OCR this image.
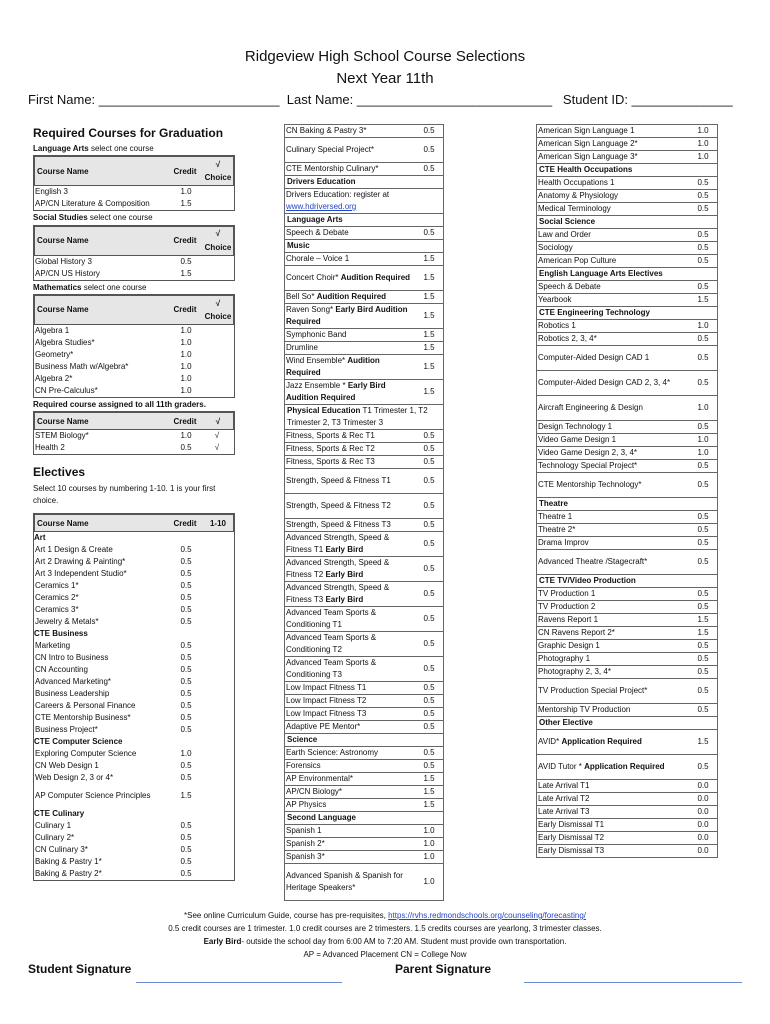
Ridgeview High School Course Selections
Next Year 11th
First Name: _________________________ Last Name: ___________________________ Student ID: ______________
Required Courses for Graduation
Language Arts select one course
Course Name	Credit
√ Choice
English 3	1.0
AP/CN Literature & Composition	1.5
Social Studies select one course
Course Name	Credit
√ Choice
Global History 3	0.5
AP/CN US History	1.5
Mathematics select one course
Course Name	Credit
√ Choice
Algebra 1	1.0
Algebra Studies*	1.0
Geometry*	1.0
Business Math w/Algebra*	1.0
Algebra 2*	1.0
CN Pre-Calculus*	1.0
Required course assigned to all 11th graders.
Course Name	Credit	√
STEM Biology*	1.0	√
Health 2	0.5	√
Electives
Select 10 courses by numbering 1-10. 1 is your first choice.
Course Name	Credit	1-10
Art
Art 1 Design & Create	0.5
Art 2 Drawing & Painting*	0.5
Art 3 Independent Studio*	0.5
Ceramics 1*	0.5
Ceramics 2*	0.5
Ceramics 3*	0.5
Jewelry & Metals*	0.5
CTE Business
Marketing	0.5
CN Intro to Business	0.5
CN Accounting	0.5
Advanced Marketing*	0.5
Business Leadership	0.5
Careers & Personal Finance	0.5
CTE Mentorship Business*	0.5
Business Project*	0.5
CTE Computer Science
Exploring Computer Science	1.0
CN Web Design 1	0.5
Web Design 2, 3 or 4*	0.5
AP Computer Science Principles	1.5
CTE Culinary
Culinary 1	0.5
Culinary 2*	0.5
CN Culinary 3*	0.5
Baking & Pastry 1*	0.5
Baking & Pastry 2*	0.5
CN Baking & Pastry 3*	0.5
Culinary Special Project*	0.5
CTE Mentorship Culinary*	0.5
Drivers Education
Drivers Education: register at
www.hdriversed.org
Language Arts
Speech & Debate	0.5
Music
Chorale – Voice 1	1.5
Concert Choir* Audition Required	1.5
Bell So* Audition Required	1.5
Raven Song* Early Bird Audition Required
1.5
Symphonic Band	1.5
Drumline	1.5
Wind Ensemble* Audition Required
1.5
Jazz Ensemble * Early Bird Audition Required
1.5
Physical Education T1 Trimester 1, T2 Trimester 2, T3 Trimester 3
Fitness, Sports & Rec T1	0.5
Fitness, Sports & Rec T2	0.5
Fitness, Sports & Rec T3	0.5
Strength, Speed & Fitness T1	0.5
Strength, Speed & Fitness T2	0.5
Strength, Speed & Fitness T3	0.5
Advanced Strength, Speed & Fitness T1 Early Bird
0.5
Advanced Strength, Speed & Fitness T2 Early Bird
0.5
Advanced Strength, Speed & Fitness T3 Early Bird
0.5
Advanced Team Sports & Conditioning T1
0.5
Advanced Team Sports & Conditioning T2
0.5
Advanced Team Sports & Conditioning T3
0.5
Low Impact Fitness T1	0.5
Low Impact Fitness T2	0.5
Low Impact Fitness T3	0.5
Adaptive PE Mentor*	0.5
Science
Earth Science: Astronomy	0.5
Forensics	0.5
AP Environmental*	1.5
AP/CN Biology*	1.5
AP Physics	1.5
Second Language
Spanish 1	1.0
Spanish 2*	1.0
Spanish 3*	1.0
Advanced Spanish & Spanish for Heritage Speakers*
1.0
American Sign Language 1	1.0
American Sign Language 2*	1.0
American Sign Language 3*	1.0
CTE Health Occupations
Health Occupations 1	0.5
Anatomy & Physiology	0.5
Medical Terminology	0.5
Social Science
Law and Order	0.5
Sociology	0.5
American Pop Culture	0.5
English Language Arts Electives
Speech & Debate	0.5
Yearbook	1.5
CTE Engineering Technology
Robotics 1	1.0
Robotics 2, 3, 4*	0.5
Computer-Aided Design CAD 1	0.5
Computer-Aided Design CAD 2, 3, 4*	0.5
Aircraft Engineering & Design	1.0
Design Technology 1	0.5
Video Game Design 1	1.0
Video Game Design 2, 3, 4*	1.0
Technology Special Project*	0.5
CTE Mentorship Technology*	0.5
Theatre
Theatre 1	0.5
Theatre 2*	0.5
Drama Improv	0.5
Advanced Theatre /Stagecraft*	0.5
CTE TV/Video Production
TV Production 1	0.5
TV Production 2	0.5
Ravens Report 1	1.5
CN Ravens Report 2*	1.5
Graphic Design 1	0.5
Photography 1	0.5
Photography 2, 3, 4*	0.5
TV Production Special Project*	0.5
Mentorship TV Production	0.5
Other Elective
AVID* Application Required	1.5
AVID Tutor * Application Required	0.5
Late Arrival T1	0.0
Late Arrival T2	0.0
Late Arrival T3	0.0
Early Dismissal T1	0.0
Early Dismissal T2	0.0
Early Dismissal T3	0.0
*See online Curriculum Guide, course has pre-requisites, https://rvhs.redmondschools.org/counseling/forecasting/
0.5 credit courses are 1 trimester. 1.0 credit courses are 2 trimesters. 1.5 credits courses are yearlong, 3 trimester classes.
Early Bird- outside the school day from 6:00 AM to 7:20 AM. Student must provide own transportation.
AP = Advanced Placement CN = College Now
Student Signature	Parent Signature
